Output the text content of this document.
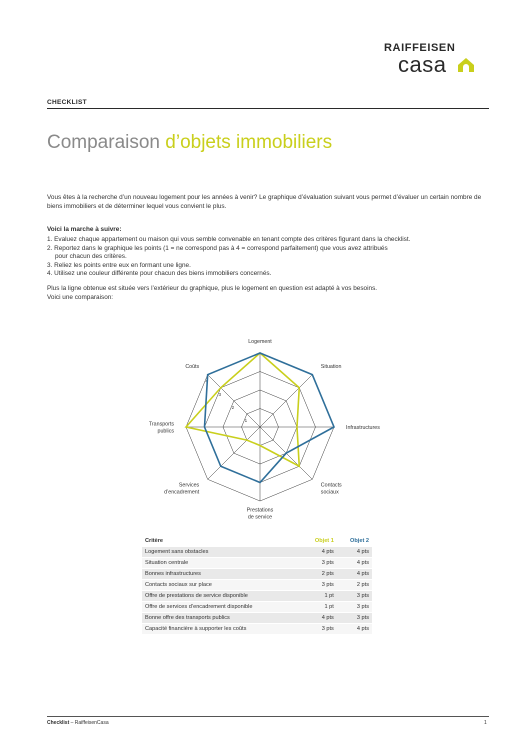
RAIFFEISEN
casa
CHECKLIST
Comparaison d’objets immobiliers

Vous êtes à la recherche d’un nouveau logement pour les années à venir? Le graphique d’évaluation suivant vous permet d’évaluer un certain nombre de biens immobiliers et de déterminer lequel vous convient le plus.

Voici la marche à suivre:
1. Evaluez chaque appartement ou maison qui vous semble convenable en tenant compte des critères figurant dans la checklist.
2. Reportez dans le graphique les points (1 = ne correspond pas à 4 = correspond parfaitement) que vous avez attribués
pour chacun des critères.
3. Reliez les points entre eux en formant une ligne.
4. Utilisez une couleur différente pour chacun des biens immobiliers concernés.

Plus la ligne obtenue est située vers l’extérieur du graphique, plus le logement en question est adapté à vos besoins.

Voici une comparaison:

1
2
3
4
Logement
Situation
Infrastructures
Contacts
sociaux
Prestations
de service
Services
d’encadrement
Transports
publics
Coûts
Critère	Objet 1	Objet 2
Logement sans obstacles	4 pts	4 pts
Situation centrale	3 pts	4 pts
Bonnes infrastructures	2 pts	4 pts
Contacts sociaux sur place	3 pts	2 pts
Offre de prestations de service disponible	1 pt	3 pts
Offre de services d’encadrement disponible	1 pt	3 pts
Bonne offre des transports publics	4 pts	3 pts
Capacité financière à supporter les coûts	3 pts	4 pts
Checklist – RaiffeisenCasa	1
